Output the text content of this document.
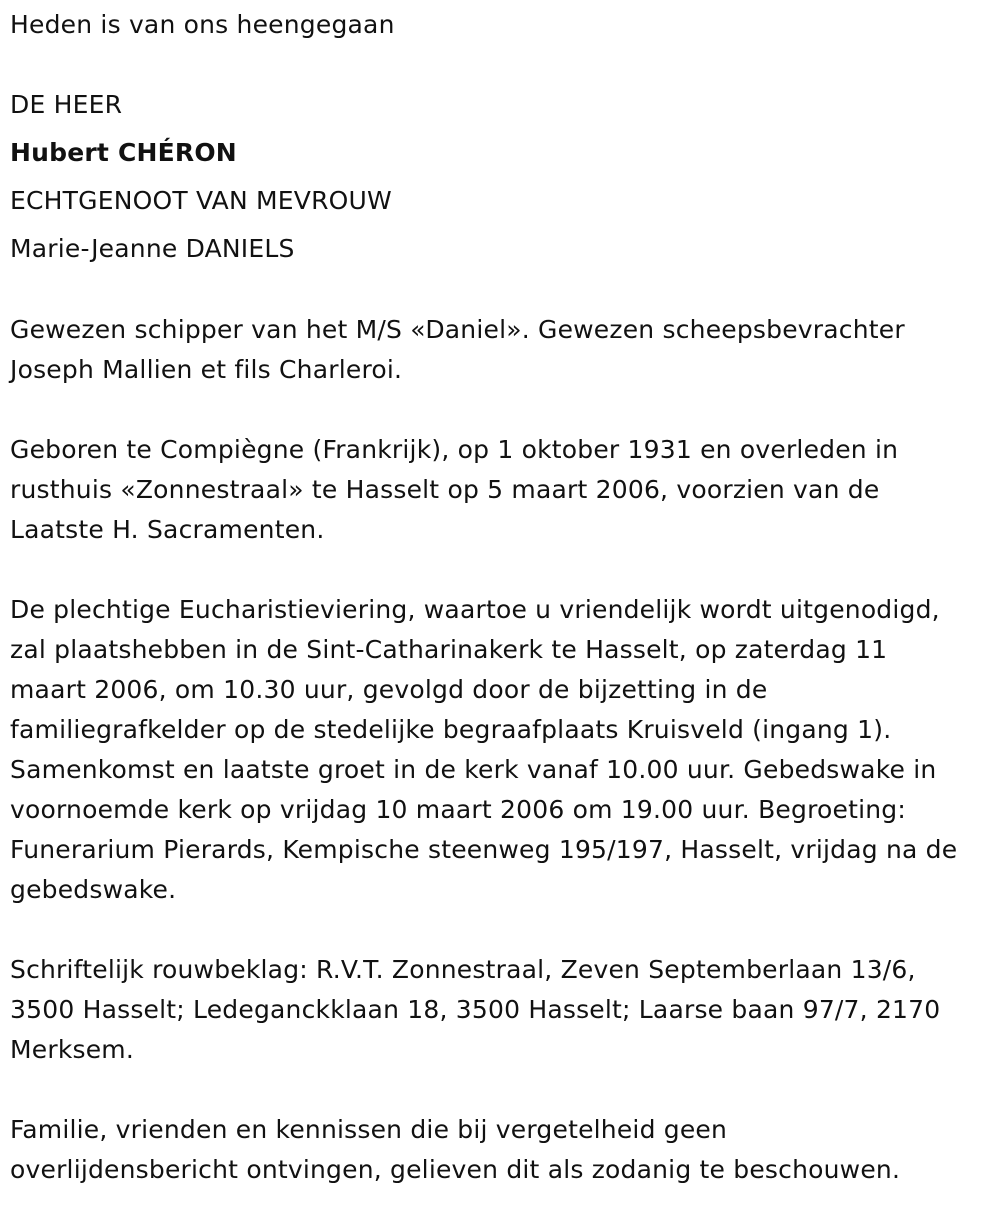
Heden is van ons heengegaan
DE HEER
Hubert CHÉRON
ECHTGENOOT VAN MEVROUW
Marie-Jeanne DANIELS
Gewezen schipper van het M/S «Daniel». Gewezen scheepsbevrachter
Joseph Mallien et fils Charleroi.
Geboren te Compiègne (Frankrijk), op 1 oktober 1931 en overleden in
rusthuis «Zonnestraal» te Hasselt op 5 maart 2006, voorzien van de
Laatste H. Sacramenten.
De plechtige Eucharistieviering, waartoe u vriendelijk wordt uitgenodigd,
zal plaatshebben in de Sint-Catharinakerk te Hasselt, op zaterdag 11
maart 2006, om 10.30 uur, gevolgd door de bijzetting in de
familiegrafkelder op de stedelijke begraafplaats Kruisveld (ingang 1).
Samenkomst en laatste groet in de kerk vanaf 10.00 uur. Gebedswake in
voornoemde kerk op vrijdag 10 maart 2006 om 19.00 uur. Begroeting:
Funerarium Pierards, Kempische steenweg 195/197, Hasselt, vrijdag na de
gebedswake.
Schriftelijk rouwbeklag: R.V.T. Zonnestraal, Zeven Septemberlaan 13/6,
3500 Hasselt; Ledeganckklaan 18, 3500 Hasselt; Laarse baan 97/7, 2170
Merksem.
Familie, vrienden en kennissen die bij vergetelheid geen
overlijdensbericht ontvingen, gelieven dit als zodanig te beschouwen.
